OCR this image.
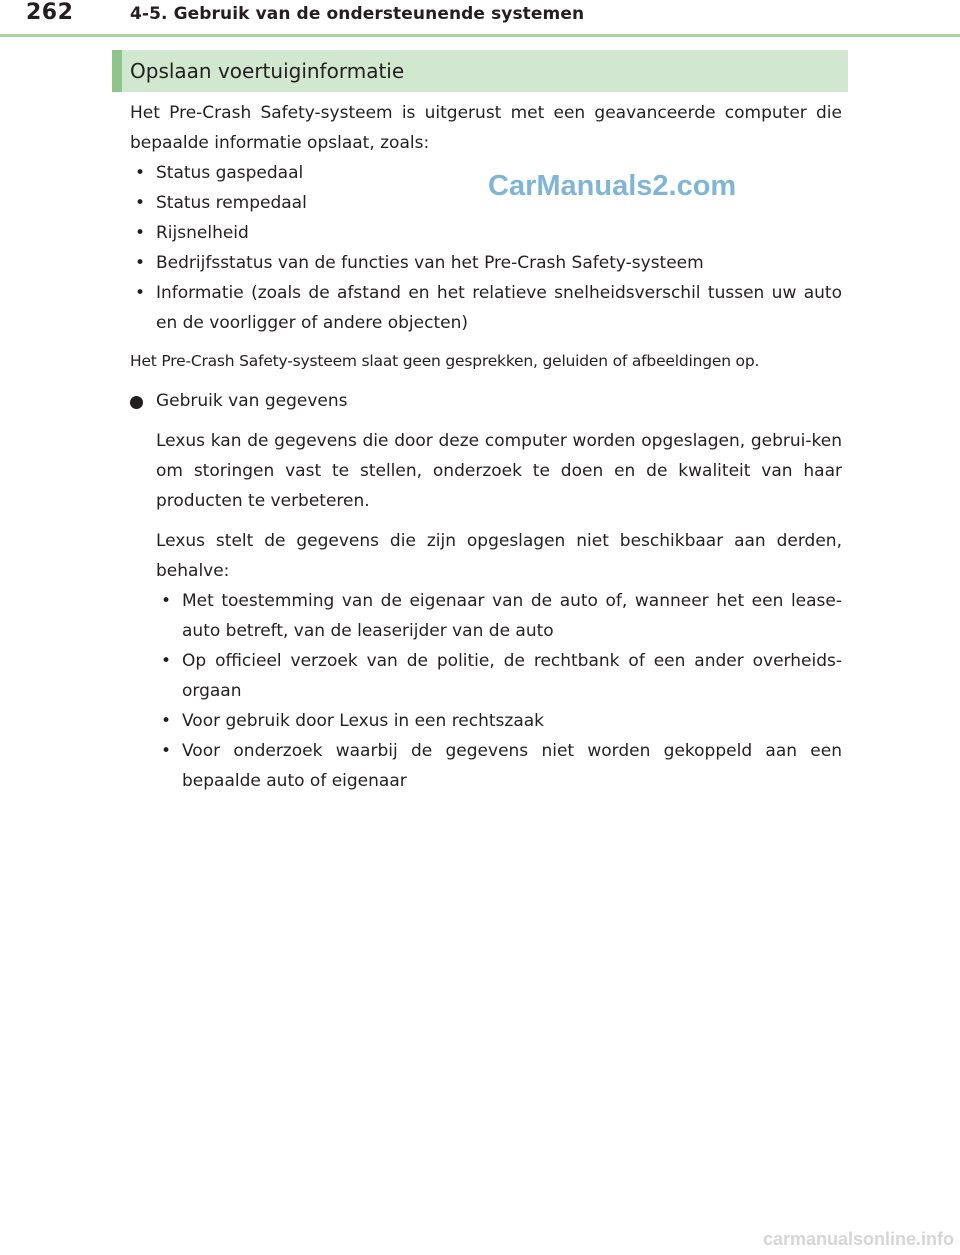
262	4-5. Gebruik van de ondersteunende systemen
Opslaan voertuiginformatie
CarManuals2.com

Het Pre-Crash Safety-systeem is uitgerust met een geavanceerde computer die bepaalde informatie opslaat, zoals:

• Status gaspedaal
• Status rempedaal
• Rijsnelheid
• Bedrijfsstatus van de functies van het Pre-Crash Safety-systeem
• Informatie (zoals de afstand en het relatieve snelheidsverschil tussen uw auto en de voorligger of andere objecten)

Het Pre-Crash Safety-systeem slaat geen gesprekken, geluiden of afbeeldingen op.

Gebruik van gegevens

Lexus kan de gegevens die door deze computer worden opgeslagen, gebrui-ken om storingen vast te stellen, onderzoek te doen en de kwaliteit van haar producten te verbeteren.

Lexus stelt de gegevens die zijn opgeslagen niet beschikbaar aan derden, behalve:

• Met toestemming van de eigenaar van de auto of, wanneer het een lease-auto betreft, van de leaserijder van de auto
• Op officieel verzoek van de politie, de rechtbank of een ander overheids-orgaan
• Voor gebruik door Lexus in een rechtszaak
• Voor onderzoek waarbij de gegevens niet worden gekoppeld aan een bepaalde auto of eigenaar
carmanualsonline.info
